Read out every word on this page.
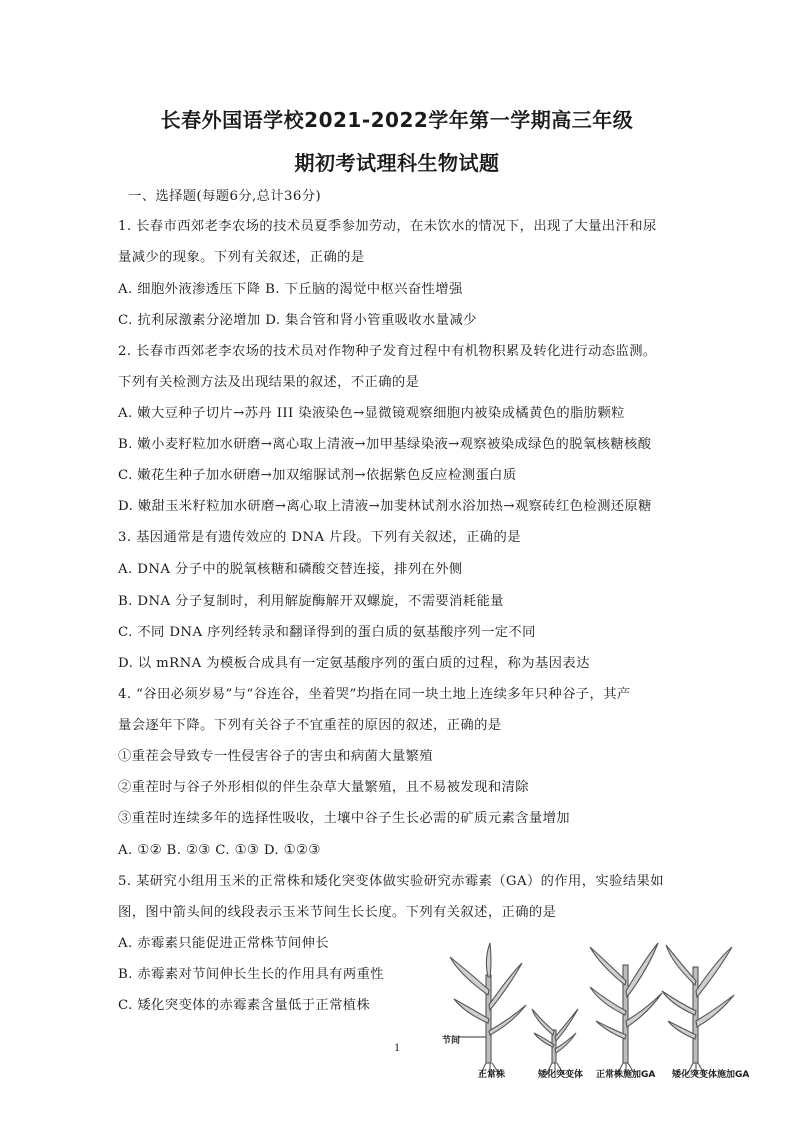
长春外国语学校2021-2022学年第一学期高三年级
期初考试理科生物试题
一、选择题(每题6分,总计36分)
1. 长春市西郊老李农场的技术员夏季参加劳动，在未饮水的情况下，出现了大量出汗和尿
量减少的现象。下列有关叙述，正确的是
A. 细胞外液渗透压下降 B. 下丘脑的渴觉中枢兴奋性增强
C. 抗利尿激素分泌增加 D. 集合管和肾小管重吸收水量减少
2. 长春市西郊老李农场的技术员对作物种子发育过程中有机物积累及转化进行动态监测。
下列有关检测方法及出现结果的叙述，不正确的是
A. 嫩大豆种子切片→苏丹 III 染液染色→显微镜观察细胞内被染成橘黄色的脂肪颗粒
B. 嫩小麦籽粒加水研磨→离心取上清液→加甲基绿染液→观察被染成绿色的脱氧核糖核酸
C. 嫩花生种子加水研磨→加双缩脲试剂→依据紫色反应检测蛋白质
D. 嫩甜玉米籽粒加水研磨→离心取上清液→加斐林试剂水浴加热→观察砖红色检测还原糖
3. 基因通常是有遗传效应的 DNA 片段。下列有关叙述，正确的是
A. DNA 分子中的脱氧核糖和磷酸交替连接，排列在外侧
B. DNA 分子复制时，利用解旋酶解开双螺旋，不需要消耗能量
C. 不同 DNA 序列经转录和翻译得到的蛋白质的氨基酸序列一定不同
D. 以 mRNA 为模板合成具有一定氨基酸序列的蛋白质的过程，称为基因表达
4. “谷田必须岁易”与“谷连谷，坐着哭”均指在同一块土地上连续多年只种谷子，其产
量会逐年下降。下列有关谷子不宜重茬的原因的叙述，正确的是
①重茬会导致专一性侵害谷子的害虫和病菌大量繁殖
②重茬时与谷子外形相似的伴生杂草大量繁殖，且不易被发现和清除
③重茬时连续多年的选择性吸收，土壤中谷子生长必需的矿质元素含量增加
A. ①② B. ②③ C. ①③ D. ①②③
5. 某研究小组用玉米的正常株和矮化突变体做实验研究赤霉素（GA）的作用，实验结果如
图，图中箭头间的线段表示玉米节间生长长度。下列有关叙述，正确的是
A. 赤霉素只能促进正常株节间伸长
B. 赤霉素对节间伸长生长的作用具有两重性
C. 矮化突变体的赤霉素含量低于正常植株
节间
正常株	矮化突变体 正常株施加GA 矮化突变体施加GA
1
